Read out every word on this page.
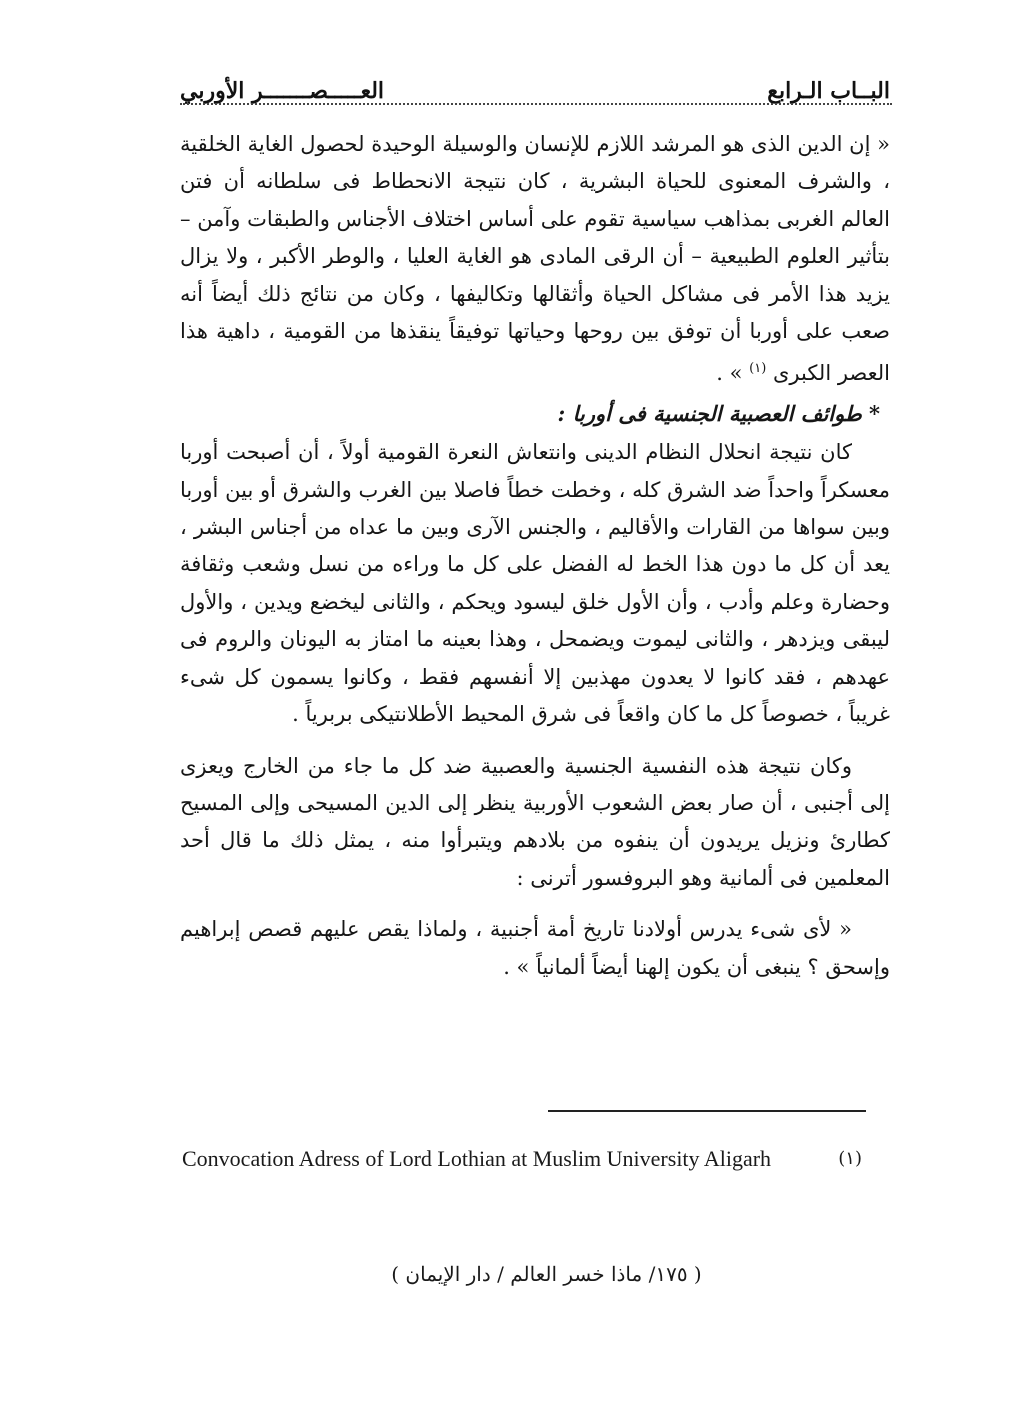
البــاب الـرابع
العـــــصـــــــر الأوربي

« إن الدين الذى هو المرشد اللازم للإنسان والوسيلة الوحيدة لحصول الغاية الخلقية ، والشرف المعنوى للحياة البشرية ، كان نتيجة الانحطاط فى سلطانه أن فتن العالم الغربى بمذاهب سياسية تقوم على أساس اختلاف الأجناس والطبقات وآمن – بتأثير العلوم الطبيعية – أن الرقى المادى هو الغاية العليا ، والوطر الأكبر ، ولا يزال يزيد هذا الأمر فى مشاكل الحياة وأثقالها وتكاليفها ، وكان من نتائج ذلك أيضاً أنه صعب على أوربا أن توفق بين روحها وحياتها توفيقاً ينقذها من القومية ، داهية هذا العصر الكبرى $^{(١)}$ » .

* طوائف العصبية الجنسية فى أوربا :

كان نتيجة انحلال النظام الدينى وانتعاش النعرة القومية أولاً ، أن أصبحت أوربا معسكراً واحداً ضد الشرق كله ، وخطت خطاً فاصلا بين الغرب والشرق أو بين أوربا وبين سواها من القارات والأقاليم ، والجنس الآرى وبين ما عداه من أجناس البشر ، يعد أن كل ما دون هذا الخط له الفضل على كل ما وراءه من نسل وشعب وثقافة وحضارة وعلم وأدب ، وأن الأول خلق ليسود ويحكم ، والثانى ليخضع ويدين ، والأول ليبقى ويزدهر ، والثانى ليموت ويضمحل ، وهذا بعينه ما امتاز به اليونان والروم فى عهدهم ، فقد كانوا لا يعدون مهذبين إلا أنفسهم فقط ، وكانوا يسمون كل شىء غريباً ، خصوصاً كل ما كان واقعاً فى شرق المحيط الأطلانتيكى بربرياً .

وكان نتيجة هذه النفسية الجنسية والعصبية ضد كل ما جاء من الخارج ويعزى إلى أجنبى ، أن صار بعض الشعوب الأوربية ينظر إلى الدين المسيحى وإلى المسيح كطارئ ونزيل يريدون أن ينفوه من بلادهم ويتبرأوا منه ، يمثل ذلك ما قال أحد المعلمين فى ألمانية وهو البروفسور أترنى :

« لأى شىء يدرس أولادنا تاريخ أمة أجنبية ، ولماذا يقص عليهم قصص إبراهيم وإسحق ؟ ينبغى أن يكون إلهنا أيضاً ألمانياً » .

(١)
Convocation Adress of Lord Lothian at Muslim University Aligarh
( ١٧٥/ ماذا خسر العالم / دار الإيمان )
